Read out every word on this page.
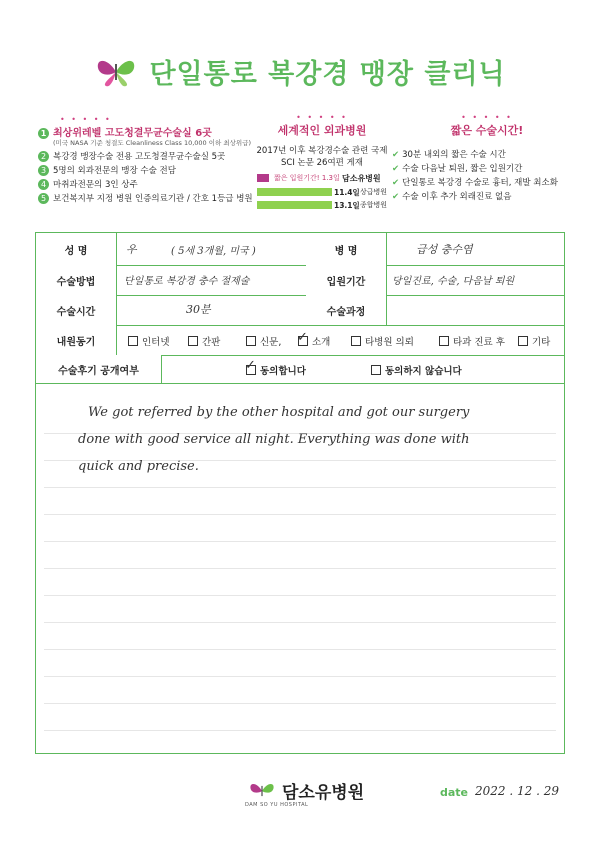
단일통로 복강경 맹장 클리닉
• • • • •
1 최상위레벨 고도청결무균수술실 6곳
(미국 NASA 기준 청결도 Cleanliness Class 10,000 이하 최상위급)
2 복강경 맹장수술 전용 고도청결무균수술실 5곳
3 5명의 외과전문의 맹장 수술 전담
4 마취과전문의 3인 상주
5 보건복지부 지정 병원 인증의료기관 / 간호 1등급 병원
• • • • •
세계적인 외과병원
2017년 이후 복강경수술 관련 국제
SCI 논문 26여편 게재
짧은 입원기간! 1.3일 담소유병원
11.4일 상급병원
13.1일 종합병원
• • • • •
짧은 수술시간!
✔ 30분 내외의 짧은 수술 시간
✔ 수술 다음날 퇴원, 짧은 입원기간
✔ 단일통로 복강경 수술로 흉터, 재발 최소화
✔ 수술 이후 추가 외래진료 없음
성 명	우	( 5세 3개월, 미국 )	병 명	급성 충수염
수술방법	단일통로 복강경 충수 절제술	입원기간	당일진료, 수술, 다음날 퇴원
수술시간	30분	수술과정
내원동기	인터넷	간판	신문, ✓ 소개	타병원 의뢰	타과 진료 후	기타
수술후기 공개여부	✓ 동의합니다	동의하지 않습니다
We got referred by the other hospital and got our surgery
done with good service all night. Everything was done with
quick and precise.
담소유병원
DAM SO YU HOSPITAL
date 2022 . 12 . 29
